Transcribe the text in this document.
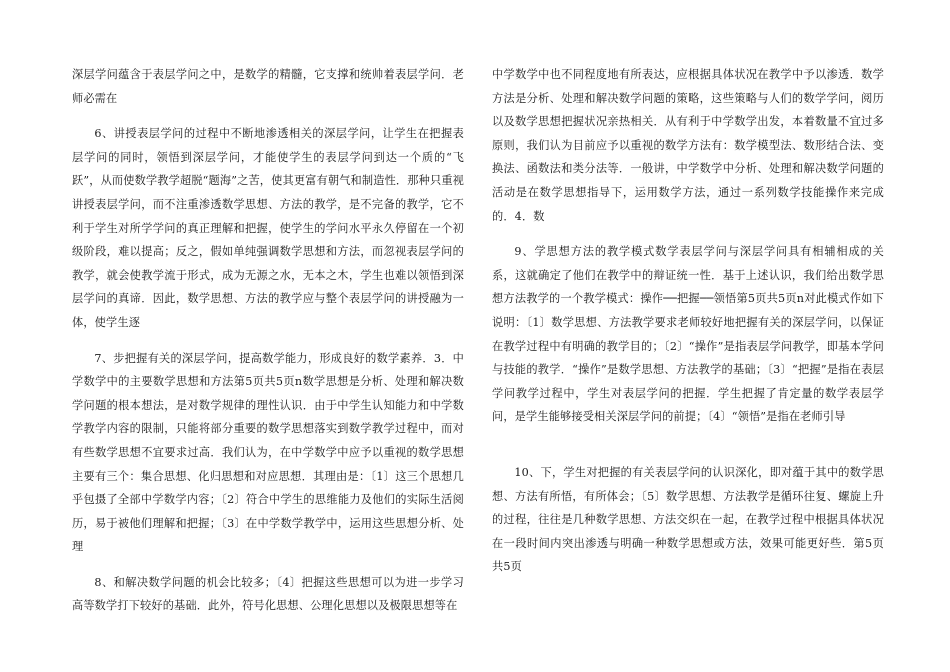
深层学问蕴含于表层学问之中，是数学的精髓，它支撑和统帅着表层学问．老师必需在

6、讲授表层学问的过程中不断地渗透相关的深层学问，让学生在把握表层学问的同时，领悟到深层学问，才能使学生的表层学问到达一个质的“飞跃”，从而使数学教学超脱“题海”之苦，使其更富有朝气和制造性．那种只重视讲授表层学问，而不注重渗透数学思想、方法的教学，是不完备的教学，它不利于学生对所学学问的真正理解和把握，使学生的学问水平永久停留在一个初级阶段，难以提高；反之，假如单纯强调数学思想和方法，而忽视表层学问的教学，就会使教学流于形式，成为无源之水，无本之木，学生也难以领悟到深层学问的真谛．因此，数学思想、方法的教学应与整个表层学问的讲授融为一体，使学生逐

7、步把握有关的深层学问，提高数学能力，形成良好的数学素养．3．中学数学中的主要数学思想和方法第5页共5页n数学思想是分析、处理和解决数学问题的根本想法，是对数学规律的理性认识．由于中学生认知能力和中学数学教学内容的限制，只能将部分重要的数学思想落实到数学教学过程中，而对有些数学思想不宜要求过高．我们认为，在中学数学中应予以重视的数学思想主要有三个：集合思想、化归思想和对应思想．其理由是：〔1〕这三个思想几乎包摄了全部中学数学内容；〔2〕符合中学生的思维能力及他们的实际生活阅历，易于被他们理解和把握；〔3〕在中学数学教学中，运用这些思想分析、处理

8、和解决数学问题的机会比较多；〔4〕把握这些思想可以为进一步学习高等数学打下较好的基础．此外，符号化思想、公理化思想以及极限思想等在

中学数学中也不同程度地有所表达，应根据具体状况在教学中予以渗透．数学方法是分析、处理和解决数学问题的策略，这些策略与人们的数学学问，阅历以及数学思想把握状况亲热相关．从有利于中学数学出发，本着数量不宜过多原则，我们认为目前应予以重视的数学方法有：数学模型法、数形结合法、变换法、函数法和类分法等．一般讲，中学数学中分析、处理和解决数学问题的活动是在数学思想指导下，运用数学方法，通过一系列数学技能操作来完成的．4．数

9、学思想方法的教学模式数学表层学问与深层学问具有相辅相成的关系，这就确定了他们在教学中的辩证统一性．基于上述认识，我们给出数学思想方法教学的一个教学模式：操作──把握──领悟第5页共5页n对此模式作如下说明：〔1〕数学思想、方法教学要求老师较好地把握有关的深层学问，以保证在教学过程中有明确的教学目的；〔2〕“操作”是指表层学问教学，即基本学问与技能的教学．“操作”是数学思想、方法教学的基础；〔3〕“把握”是指在表层学问教学过程中，学生对表层学问的把握．学生把握了肯定量的数学表层学问，是学生能够接受相关深层学问的前提；〔4〕“领悟”是指在老师引导

10、下，学生对把握的有关表层学问的认识深化，即对蕴于其中的数学思想、方法有所悟，有所体会；〔5〕数学思想、方法教学是循环往复、螺旋上升的过程，往往是几种数学思想、方法交织在一起，在教学过程中根据具体状况在一段时间内突出渗透与明确一种数学思想或方法，效果可能更好些．第5页共5页
